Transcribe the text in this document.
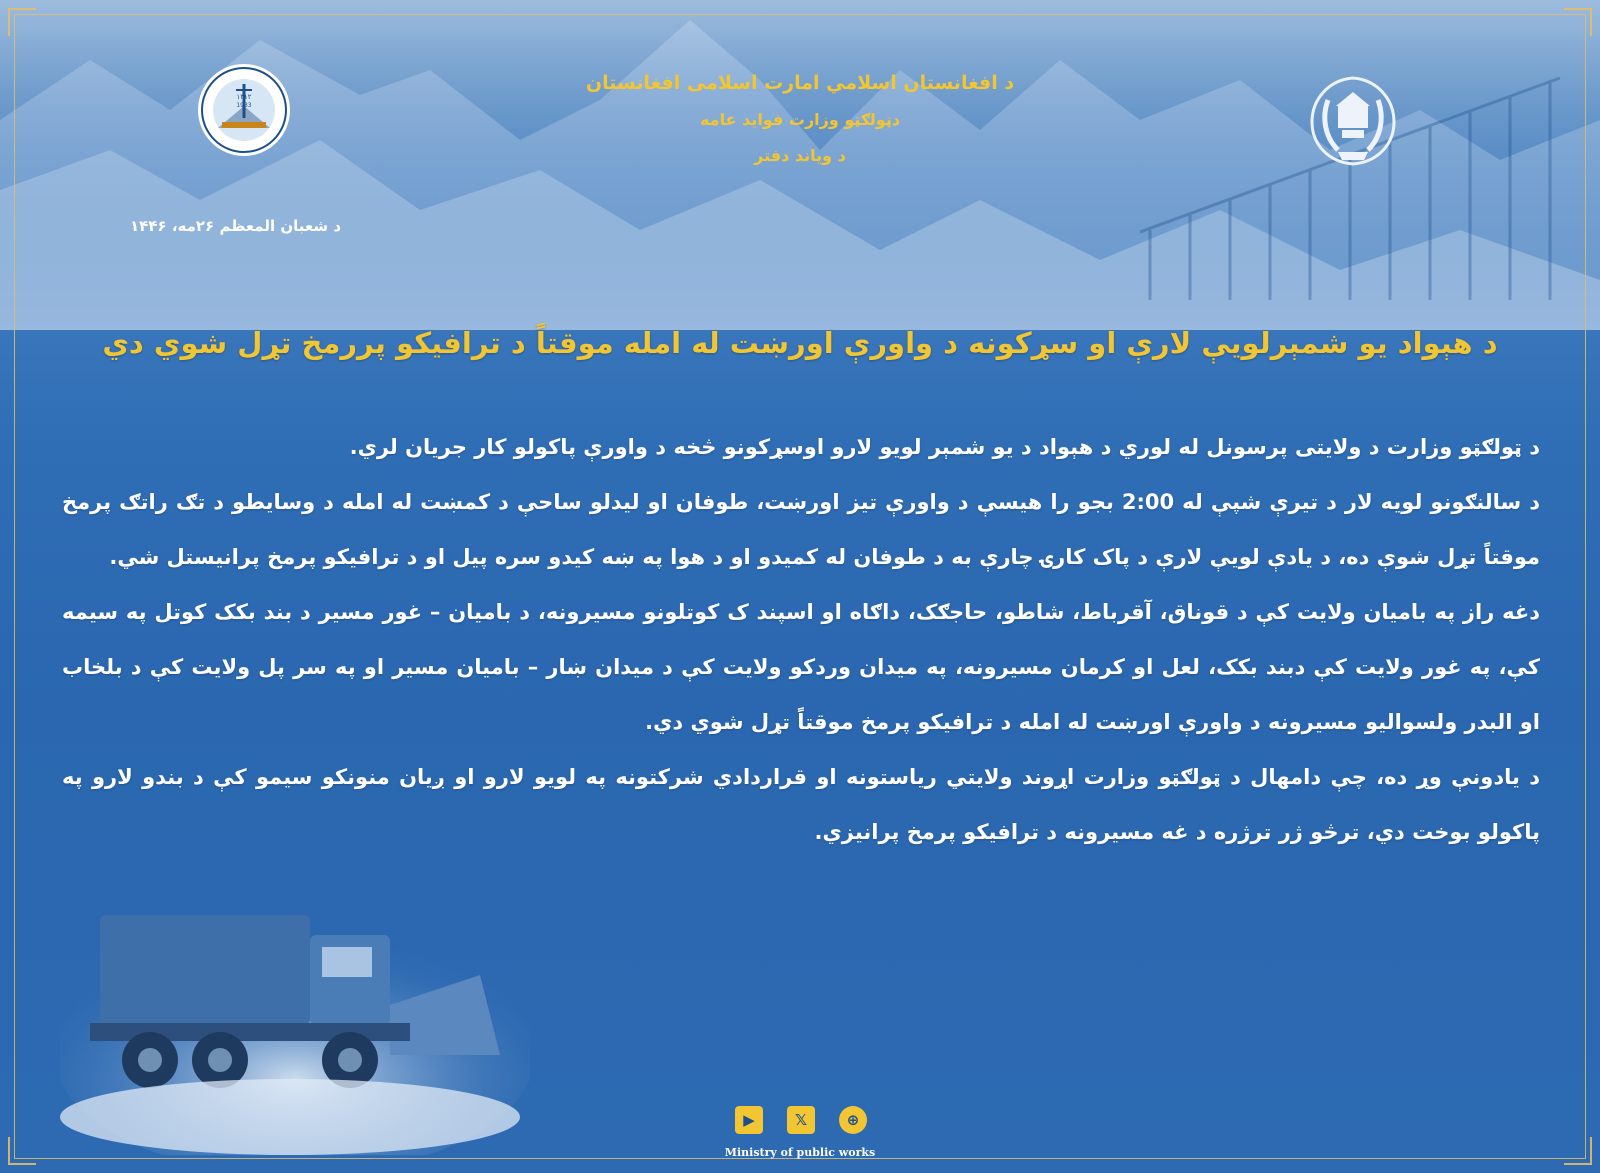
۱۳۱۲
1933
د افغانستان اسلامي امارت اسلامی افغانستان
دټولګټو وزارت فواید عامه
د وياند دفتر
د شعبان المعظم ۲۶مه، ۱۴۴۶
د هېواد يو شمېرلويې لارې او سړکونه د واورې اورښت له امله موقتاً د ترافيکو پررمخ تړل شوي دي

د ټولګټو وزارت د ولايتی پرسونل له لوري د هېواد د يو شمېر لويو لارو اوسړکونو څخه د واورې پاکولو کار جريان لري.

د سالنګونو لويه لار د تيرې شپې له 2:00 بجو را هيسې د واورې تيز اورښت، طوفان او ليدلو ساحې د کمښت له امله د وسايطو د تګ راتګ پرمخ موقتاً تړل شوې ده، د يادې لويې لارې د پاک کارۍ چارې به د طوفان له کميدو او د هوا په ښه کيدو سره پيل او د ترافيکو پرمخ پرانيستل شي.

دغه راز په باميان ولايت کې د قوناق، آقرباط، شاطو، حاجګک، داګاه او اسپند ک کوتلونو مسيرونه، د باميان – غور مسير د بند بکک کوتل په سيمه کې، په غور ولايت کې دبند بکک، لعل او کرمان مسيرونه، په ميدان وردکو ولايت کې د ميدان ښار – باميان مسير او په سر پل ولايت کې د بلخاب او البدر ولسواليو مسيرونه د واورې اورښت له امله د ترافيکو پرمخ موقتاً تړل شوي دي.

د يادونې وړ ده، چې دامهال د ټولګټو وزارت اړوند ولايتي رياستونه او قراردادي شرکتونه په لويو لارو او ږيان منونکو سيمو کې د بندو لارو په پاکولو بوخت دي، ترڅو ژر ترژره د غه مسيرونه د ترافيکو پرمخ پرانيزي.

▶	𝕏	⊕
Ministry of public works
